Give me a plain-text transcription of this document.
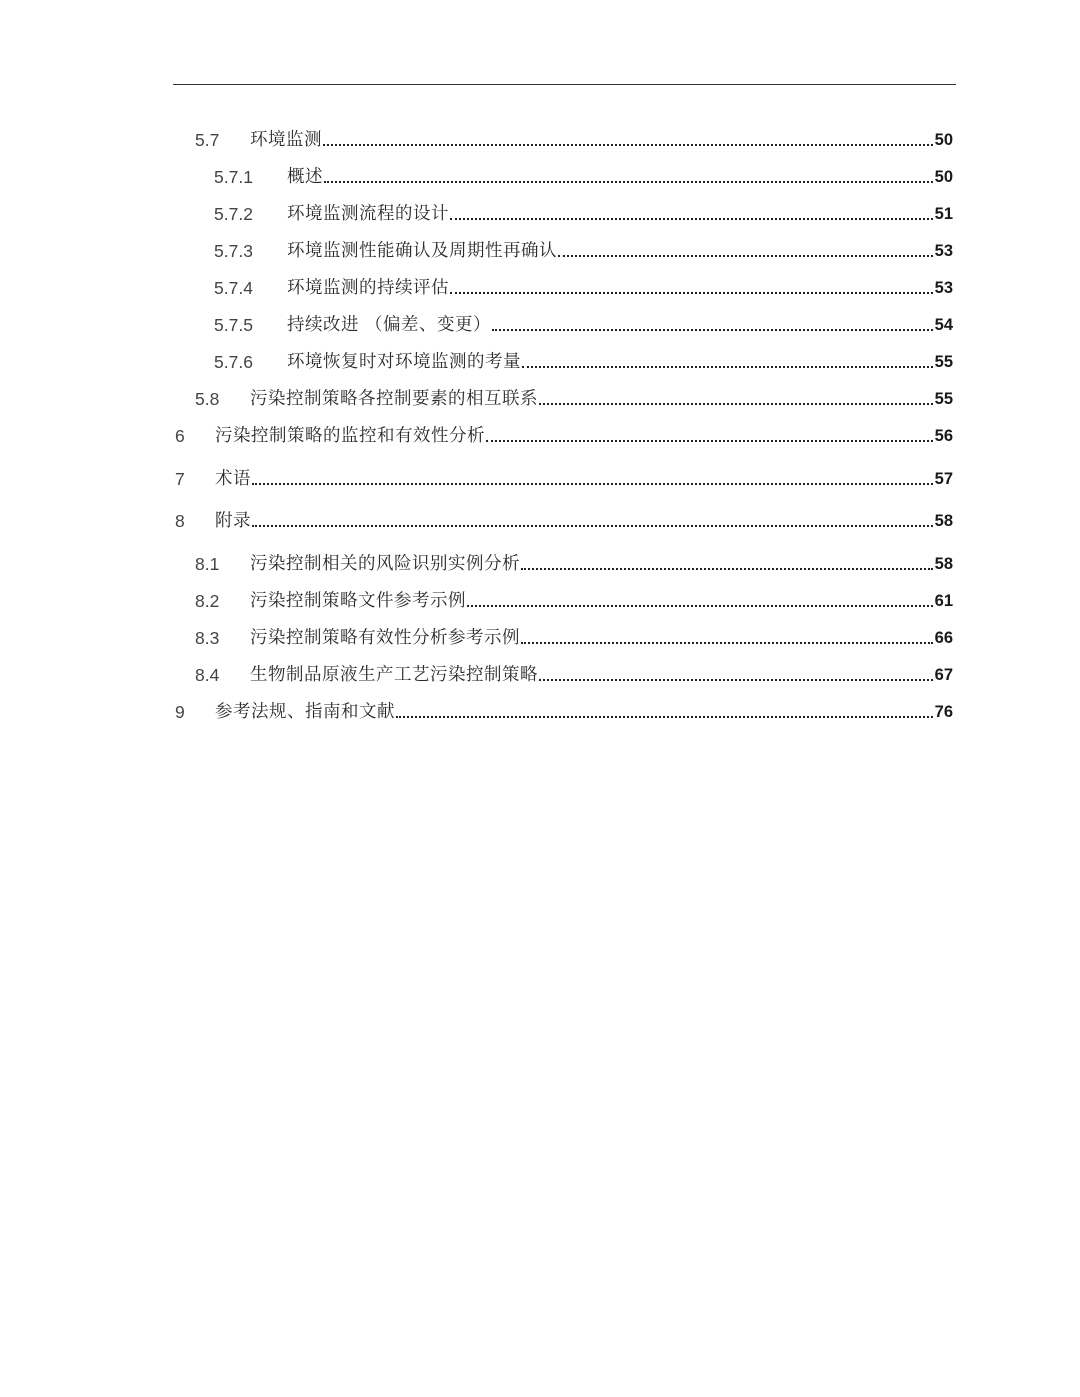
5.7	环境监测	50
5.7.1	概述	50
5.7.2	环境监测流程的设计	51
5.7.3	环境监测性能确认及周期性再确认	53
5.7.4	环境监测的持续评估	53
5.7.5	持续改进 （偏差、变更）	54
5.7.6	环境恢复时对环境监测的考量	55
5.8	污染控制策略各控制要素的相互联系	55
6	污染控制策略的监控和有效性分析	56
7	术语	57
8	附录	58
8.1	污染控制相关的风险识别实例分析	58
8.2	污染控制策略文件参考示例	61
8.3	污染控制策略有效性分析参考示例	66
8.4	生物制品原液生产工艺污染控制策略	67
9	参考法规、指南和文献	76
